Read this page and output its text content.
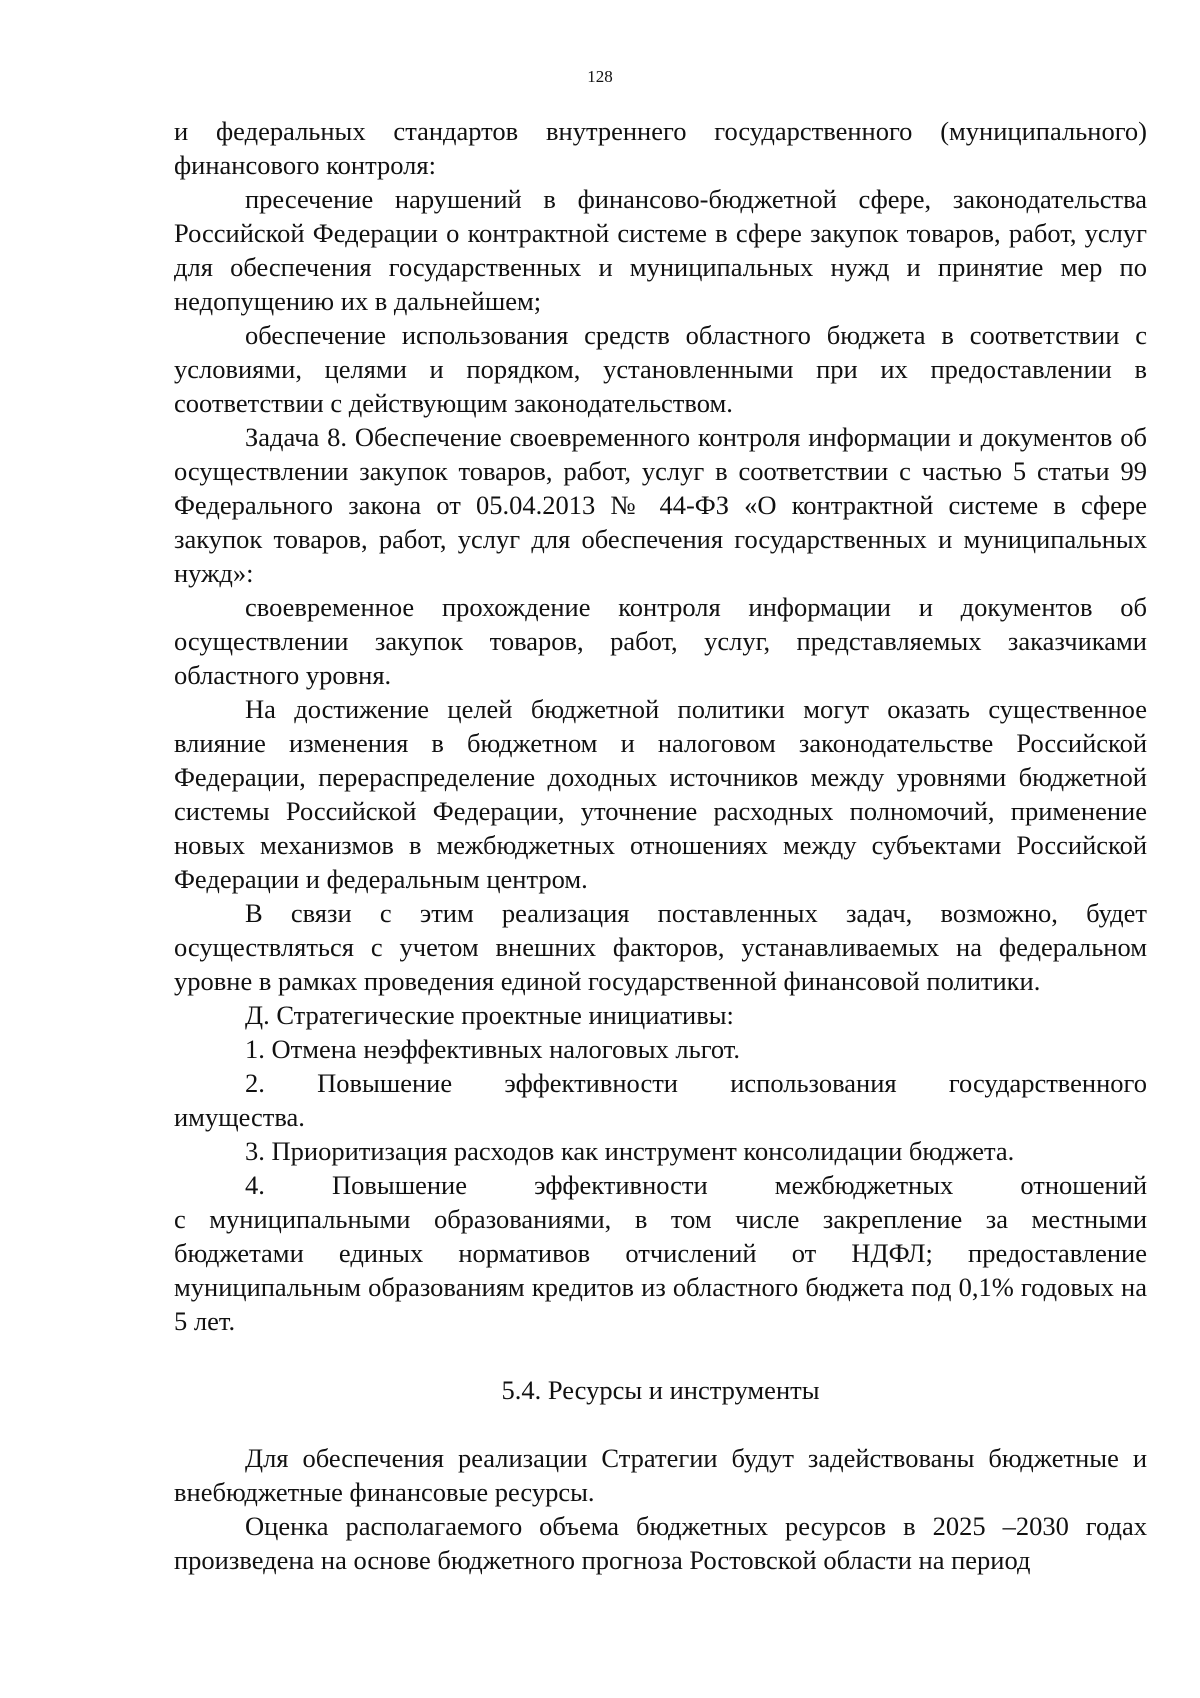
128

и федеральных стандартов внутреннего государственного (муниципального) финансового контроля:

пресечение нарушений в финансово-бюджетной сфере, законодательства Российской Федерации о контрактной системе в сфере закупок товаров, работ, услуг для обеспечения государственных и муниципальных нужд и принятие мер по недопущению их в дальнейшем;

обеспечение использования средств областного бюджета в соответствии с условиями, целями и порядком, установленными при их предоставлении в соответствии с действующим законодательством.

Задача 8. Обеспечение своевременного контроля информации и документов об осуществлении закупок товаров, работ, услуг в соответствии с частью 5 статьи 99 Федерального закона от 05.04.2013 № 44-ФЗ «О контрактной системе в сфере закупок товаров, работ, услуг для обеспечения государственных и муниципальных нужд»:

своевременное прохождение контроля информации и документов об осуществлении закупок товаров, работ, услуг, представляемых заказчиками областного уровня.

На достижение целей бюджетной политики могут оказать существенное влияние изменения в бюджетном и налоговом законодательстве Российской Федерации, перераспределение доходных источников между уровнями бюджетной системы Российской Федерации, уточнение расходных полномочий, применение новых механизмов в межбюджетных отношениях между субъектами Российской Федерации и федеральным центром.

В связи с этим реализация поставленных задач, возможно, будет осуществляться с учетом внешних факторов, устанавливаемых на федеральном уровне в рамках проведения единой государственной финансовой политики.

Д. Стратегические проектные инициативы:

1. Отмена неэффективных налоговых льгот.

2. Повышение эффективности использования государственного

имущества.

3. Приоритизация расходов как инструмент консолидации бюджета.

4. Повышение эффективности межбюджетных отношений

с муниципальными образованиями, в том числе закрепление за местными бюджетами единых нормативов отчислений от НДФЛ; предоставление муниципальным образованиям кредитов из областного бюджета под 0,1% годовых на 5 лет.

5.4. Ресурсы и инструменты

Для обеспечения реализации Стратегии будут задействованы бюджетные и внебюджетные финансовые ресурсы.

Оценка располагаемого объема бюджетных ресурсов в 2025 –2030 годах произведена на основе бюджетного прогноза Ростовской области на период
